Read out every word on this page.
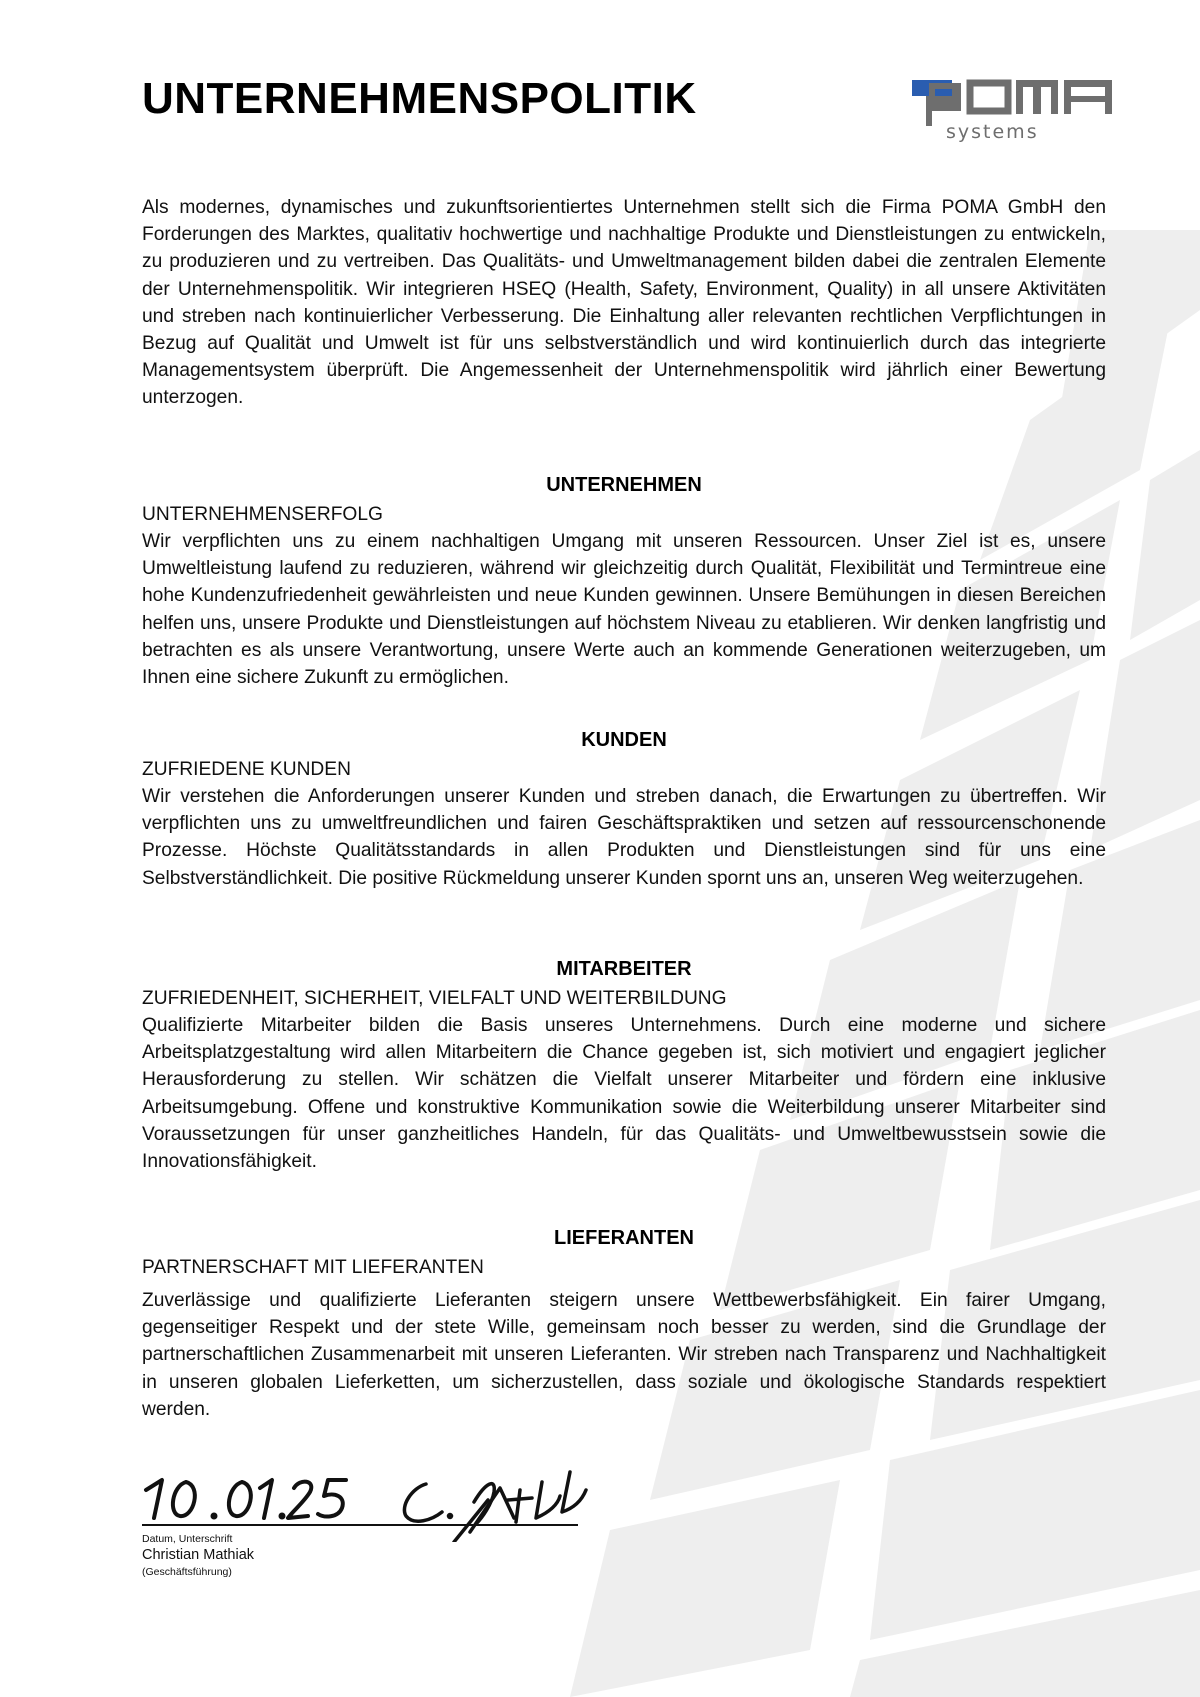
UNTERNEHMENSPOLITIK
systems

Als modernes, dynamisches und zukunftsorientiertes Unternehmen stellt sich die Firma POMA GmbH den Forderungen des Marktes, qualitativ hochwertige und nachhaltige Produkte und Dienstleistungen zu entwickeln, zu produzieren und zu vertreiben. Das Qualitäts- und Umweltmanagement bilden dabei die zentralen Elemente der Unternehmenspolitik. Wir integrieren HSEQ (Health, Safety, Environment, Quality) in all unsere Aktivitäten und streben nach kontinuierlicher Verbesserung. Die Einhaltung aller relevanten rechtlichen Verpflichtungen in Bezug auf Qualität und Umwelt ist für uns selbstverständlich und wird kontinuierlich durch das integrierte Managementsystem überprüft. Die Angemessenheit der Unternehmenspolitik wird jährlich einer Bewertung unterzogen.

UNTERNEHMEN
UNTERNEHMENSERFOLG

Wir verpflichten uns zu einem nachhaltigen Umgang mit unseren Ressourcen. Unser Ziel ist es, unsere Umweltleistung laufend zu reduzieren, während wir gleichzeitig durch Qualität, Flexibilität und Termintreue eine hohe Kundenzufriedenheit gewährleisten und neue Kunden gewinnen. Unsere Bemühungen in diesen Bereichen helfen uns, unsere Produkte und Dienstleistungen auf höchstem Niveau zu etablieren. Wir denken langfristig und betrachten es als unsere Verantwortung, unsere Werte auch an kommende Generationen weiterzugeben, um Ihnen eine sichere Zukunft zu ermöglichen.

KUNDEN
ZUFRIEDENE KUNDEN

Wir verstehen die Anforderungen unserer Kunden und streben danach, die Erwartungen zu übertreffen. Wir verpflichten uns zu umweltfreundlichen und fairen Geschäftspraktiken und setzen auf ressourcenschonende Prozesse. Höchste Qualitätsstandards in allen Produkten und Dienstleistungen sind für uns eine Selbstverständlichkeit. Die positive Rückmeldung unserer Kunden spornt uns an, unseren Weg weiterzugehen.

MITARBEITER
ZUFRIEDENHEIT, SICHERHEIT, VIELFALT UND WEITERBILDUNG

Qualifizierte Mitarbeiter bilden die Basis unseres Unternehmens. Durch eine moderne und sichere Arbeitsplatzgestaltung wird allen Mitarbeitern die Chance gegeben ist, sich motiviert und engagiert jeglicher Herausforderung zu stellen. Wir schätzen die Vielfalt unserer Mitarbeiter und fördern eine inklusive Arbeitsumgebung. Offene und konstruktive Kommunikation sowie die Weiterbildung unserer Mitarbeiter sind Voraussetzungen für unser ganzheitliches Handeln, für das Qualitäts- und Umweltbewusstsein sowie die Innovationsfähigkeit.

LIEFERANTEN
PARTNERSCHAFT MIT LIEFERANTEN

Zuverlässige und qualifizierte Lieferanten steigern unsere Wettbewerbsfähigkeit. Ein fairer Umgang, gegenseitiger Respekt und der stete Wille, gemeinsam noch besser zu werden, sind die Grundlage der partnerschaftlichen Zusammenarbeit mit unseren Lieferanten. Wir streben nach Transparenz und Nachhaltigkeit in unseren globalen Lieferketten, um sicherzustellen, dass soziale und ökologische Standards respektiert werden.

Datum, Unterschrift
Christian Mathiak
(Geschäftsführung)
